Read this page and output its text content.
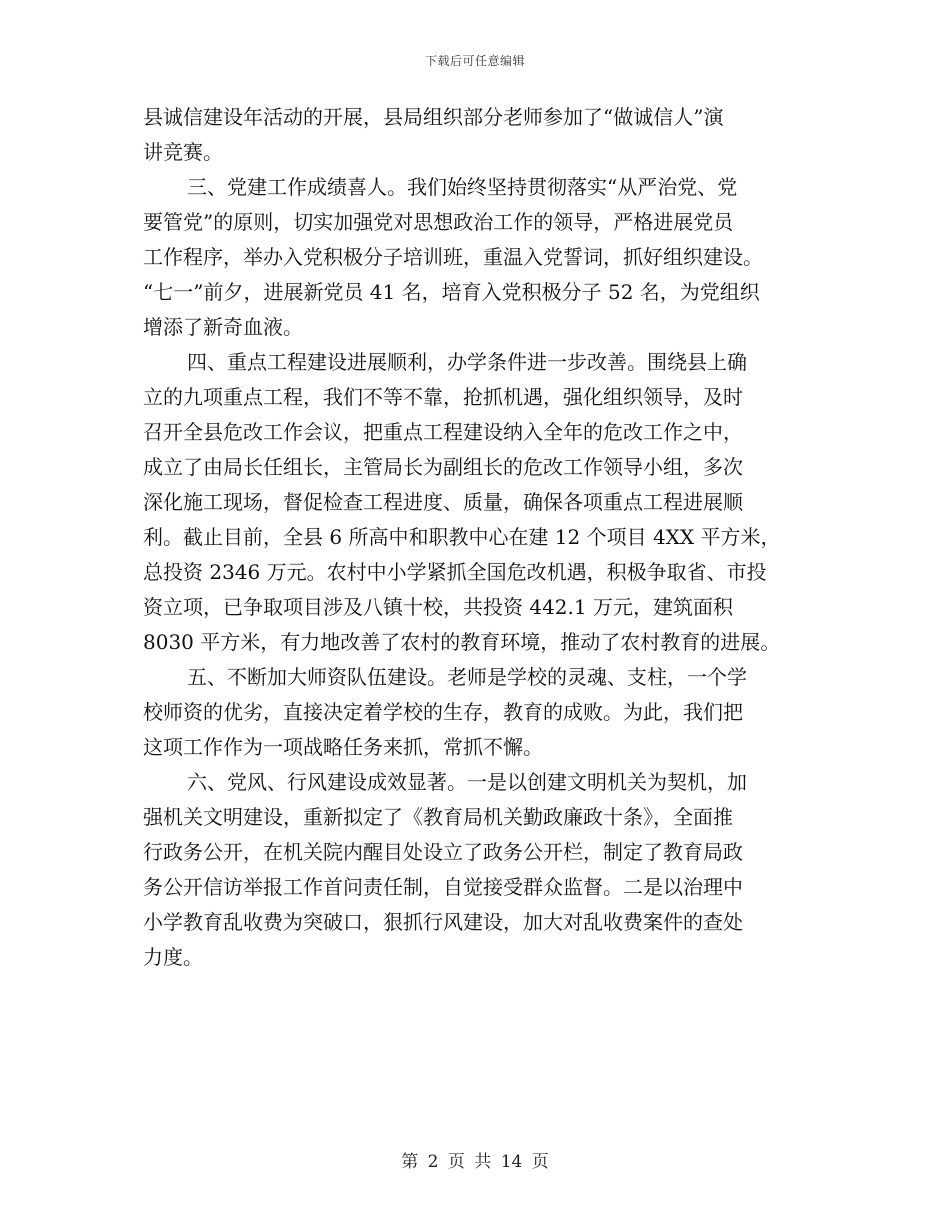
下载后可任意编辑

县诚信建设年活动的开展，县局组织部分老师参加了“做诚信人”演
讲竞赛。

三、党建工作成绩喜人。我们始终坚持贯彻落实“从严治党、党
要管党”的原则，切实加强党对思想政治工作的领导，严格进展党员
工作程序，举办入党积极分子培训班，重温入党誓词，抓好组织建设。
“七一”前夕，进展新党员 41 名，培育入党积极分子 52 名，为党组织
增添了新奇血液。

四、重点工程建设进展顺利，办学条件进一步改善。围绕县上确
立的九项重点工程，我们不等不靠，抢抓机遇，强化组织领导，及时
召开全县危改工作会议，把重点工程建设纳入全年的危改工作之中，
成立了由局长任组长，主管局长为副组长的危改工作领导小组，多次
深化施工现场，督促检查工程进度、质量，确保各项重点工程进展顺
利。截止目前，全县 6 所高中和职教中心在建 12 个项目 4XX 平方米，
总投资 2346 万元。农村中小学紧抓全国危改机遇，积极争取省、市投
资立项，已争取项目涉及八镇十校，共投资 442.1 万元，建筑面积
8030 平方米，有力地改善了农村的教育环境，推动了农村教育的进展。

五、不断加大师资队伍建设。老师是学校的灵魂、支柱，一个学
校师资的优劣，直接决定着学校的生存，教育的成败。为此，我们把
这项工作作为一项战略任务来抓，常抓不懈。

六、党风、行风建设成效显著。一是以创建文明机关为契机，加
强机关文明建设，重新拟定了《教育局机关勤政廉政十条》，全面推
行政务公开，在机关院内醒目处设立了政务公开栏，制定了教育局政
务公开信访举报工作首问责任制，自觉接受群众监督。二是以治理中
小学教育乱收费为突破口，狠抓行风建设，加大对乱收费案件的查处
力度。

第 2 页 共 14 页
